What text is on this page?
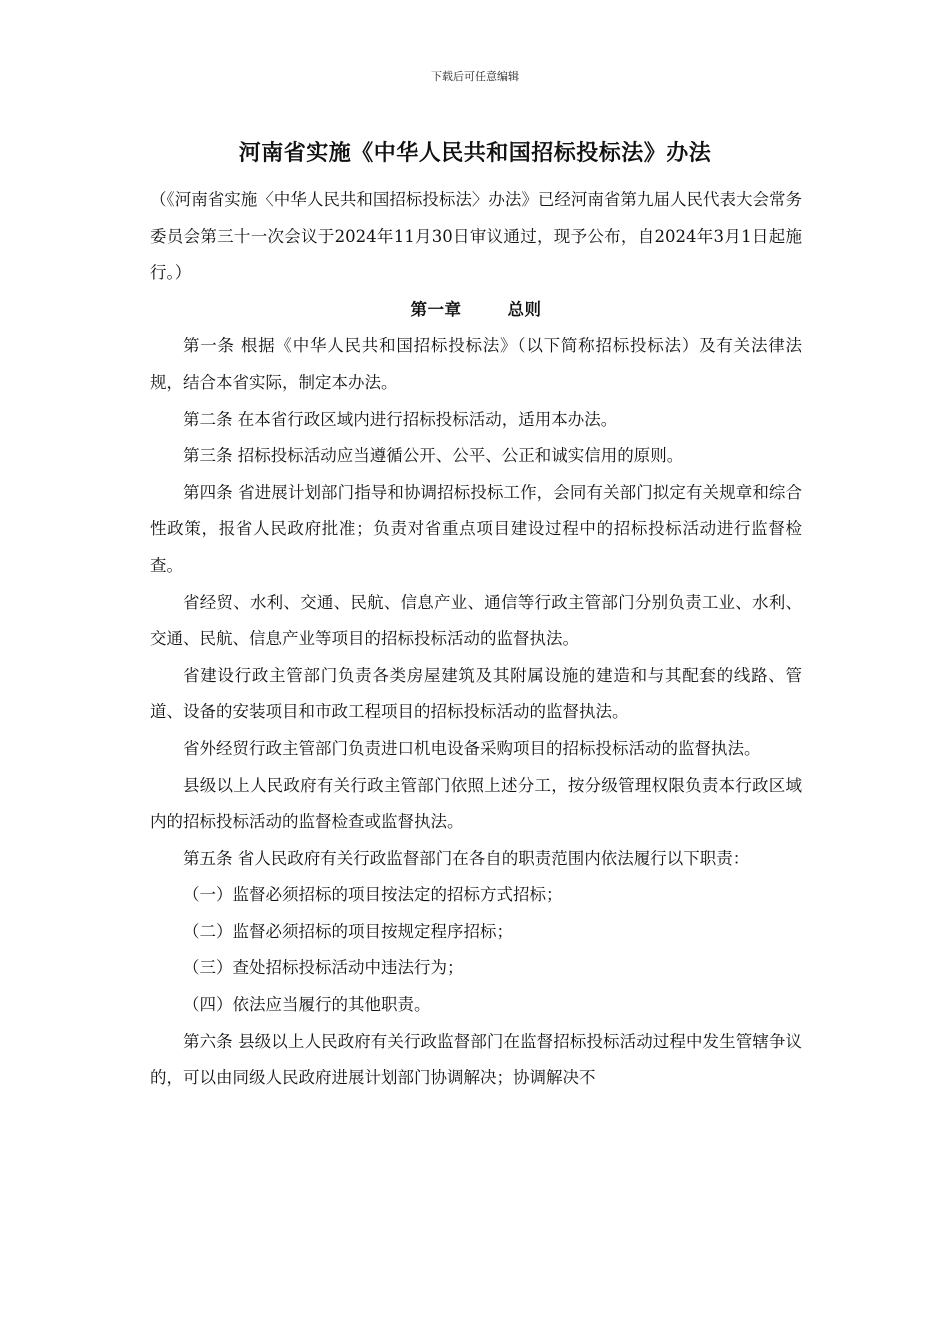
下载后可任意编辑
河南省实施《中华人民共和国招标投标法》办法

（《河南省实施〈中华人民共和国招标投标法〉办法》已经河南省第九届人民代表大会常务委员会第三十一次会议于2024年11月30日审议通过，现予公布，自2024年3月1日起施行。）

第一章	总则

第一条 根据《中华人民共和国招标投标法》（以下简称招标投标法）及有关法律法规，结合本省实际，制定本办法。

第二条 在本省行政区域内进行招标投标活动，适用本办法。

第三条 招标投标活动应当遵循公开、公平、公正和诚实信用的原则。

第四条 省进展计划部门指导和协调招标投标工作，会同有关部门拟定有关规章和综合性政策，报省人民政府批准；负责对省重点项目建设过程中的招标投标活动进行监督检查。

省经贸、水利、交通、民航、信息产业、通信等行政主管部门分别负责工业、水利、交通、民航、信息产业等项目的招标投标活动的监督执法。

省建设行政主管部门负责各类房屋建筑及其附属设施的建造和与其配套的线路、管道、设备的安装项目和市政工程项目的招标投标活动的监督执法。

省外经贸行政主管部门负责进口机电设备采购项目的招标投标活动的监督执法。

县级以上人民政府有关行政主管部门依照上述分工，按分级管理权限负责本行政区域内的招标投标活动的监督检查或监督执法。

第五条 省人民政府有关行政监督部门在各自的职责范围内依法履行以下职责：

（一）监督必须招标的项目按法定的招标方式招标；

（二）监督必须招标的项目按规定程序招标；

（三）查处招标投标活动中违法行为；

（四）依法应当履行的其他职责。

第六条 县级以上人民政府有关行政监督部门在监督招标投标活动过程中发生管辖争议的，可以由同级人民政府进展计划部门协调解决；协调解决不
